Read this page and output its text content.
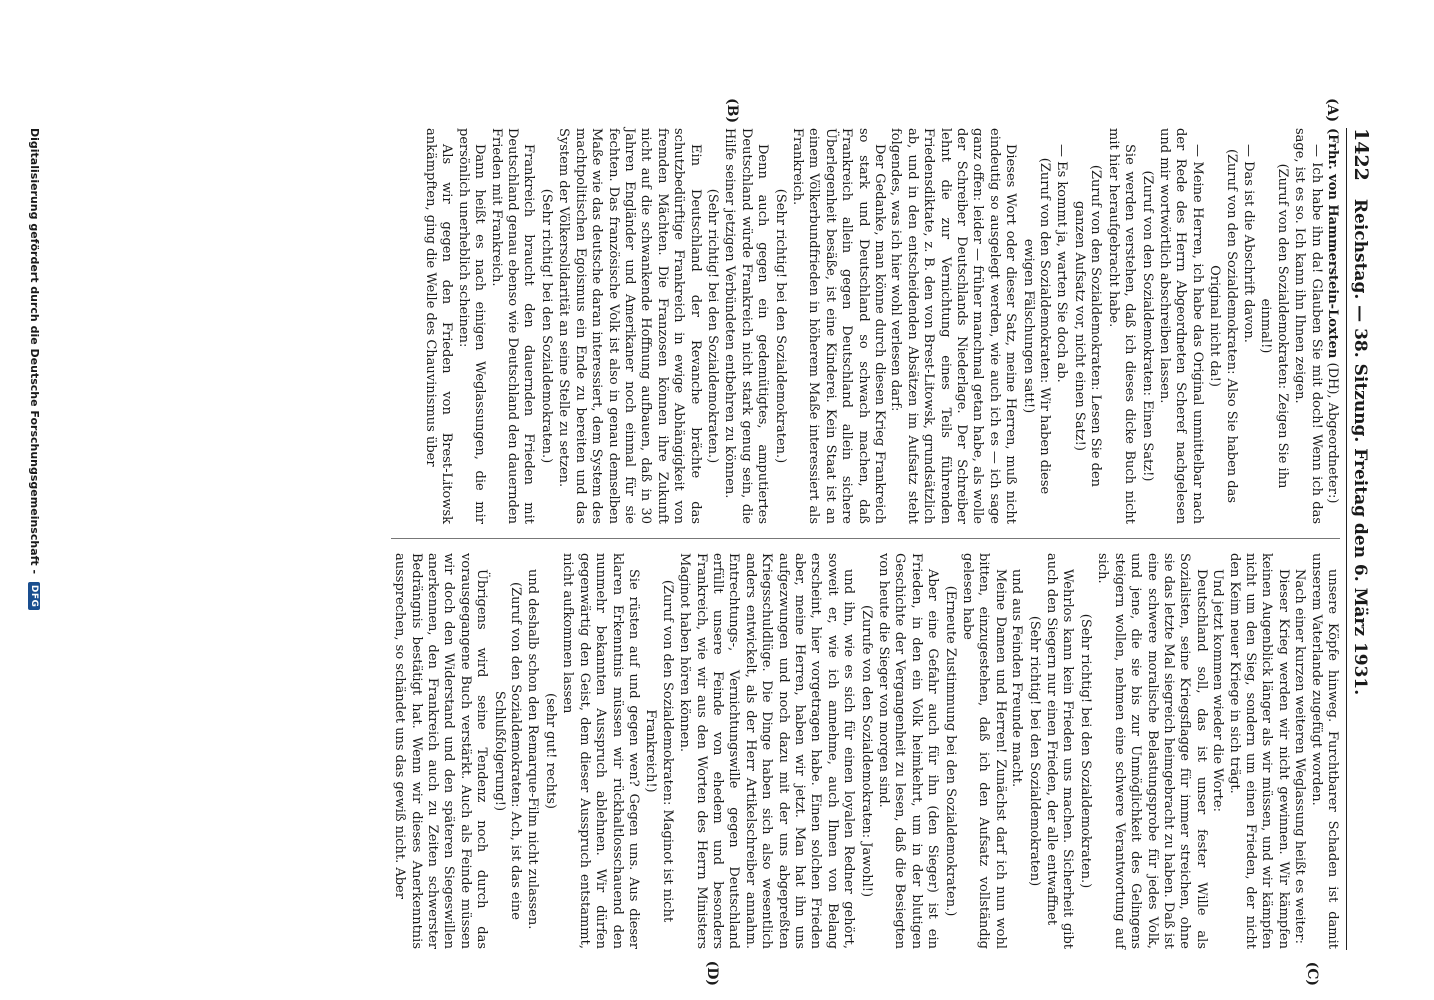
1422
Reichstag. — 38. Sitzung. Freitag den 6. März 1931.
(A)
(B)
(C)
(D)

(Frhr. von Hammerstein-Loxten (DH), Abgeordneter:)

— Ich habe ihn da! Glauben Sie mit doch! Wenn ich das sage, ist es so. Ich kann ihn Ihnen zeigen.

(Zuruf von den Sozialdemokraten: Zeigen Sie ihn einmal!)

— Das ist die Abschrift davon.

(Zuruf von den Sozialdemokraten: Also Sie haben das Original nicht da!)

— Meine Herren, ich habe das Original unmittelbar nach der Rede des Herrn Abgeordneten Scheref nachgelesen und mir wortwörtlich abschreiben lassen.

(Zuruf von den Sozialdemokraten: Einen Satz!)

Sie werden verstehen, daß ich dieses dicke Buch nicht mit hier heraufgebracht habe.

(Zuruf von den Sozialdemokraten: Lesen Sie den ganzen Aufsatz vor, nicht einen Satz!)

— Es kommt ja, warten Sie doch ab.

(Zuruf von den Sozialdemokraten: Wir haben diese ewigen Fälschungen satt!)

Dieses Wort oder dieser Satz, meine Herren, muß nicht eindeutig so ausgelegt werden, wie auch ich es — ich sage ganz offen: leider — früher manchmal getan habe, als wolle der Schreiber Deutschlands Niederlage. Der Schreiber lehnt die zur Vernichtung eines Teils führenden Friedensdiktate, z. B. den von Brest-Litowsk, grundsätzlich ab, und in den entscheidenden Absätzen im Aufsatz steht folgendes, was ich hier wohl verlesen darf:

Der Gedanke, man könne durch diesen Krieg Frankreich so stark und Deutschland so schwach machen, daß Frankreich allein gegen Deutschland allein sichere Überlegenheit besäße, ist eine Kinderei. Kein Staat ist an einem Völkerbundfrieden in höherem Maße interessiert als Frankreich.

(Sehr richtig! bei den Sozialdemokraten.)

Denn auch gegen ein gedemütigtes, amputiertes Deutschland würde Frankreich nicht stark genug sein, die Hilfe seiner jetzigen Verbündeten entbehren zu können.

(Sehr richtig! bei den Sozialdemokraten.)

Ein Deutschland der Revanche brächte das schutzbedürftige Frankreich in ewige Abhängigkeit von fremden Mächten. Die Franzosen können ihre Zukunft nicht auf die schwankende Hoffnung aufbauen, daß in 30 Jahren Engländer und Amerikaner noch einmal für sie fechten. Das französische Volk ist also in genau demselben Maße wie das deutsche daran interessiert, dem System des machtpolitischen Egoismus ein Ende zu bereiten und das System der Völkersolidarität an seine Stelle zu setzen.

(Sehr richtig! bei den Sozialdemokraten.)

Frankreich braucht den dauernden Frieden mit Deutschland genau ebenso wie Deutschland den dauernden Frieden mit Frankreich.

Dann heißt es nach einigen Weglassungen, die mir persönlich unerheblich scheinen:

Als wir gegen den Frieden von Brest-Litowsk ankämpften, ging die Welle des Chauvinismus über

unsere Köpfe hinweg. Furchtbarer Schaden ist damit unserem Vaterlande zugefügt worden.

Nach einer kurzen weiteren Weglassung heißt es weiter:

Dieser Krieg werden wir nicht gewinnen. Wir kämpfen keinen Augenblick länger als wir müssen, und wir kämpfen nicht um den Sieg, sondern um einen Frieden, der nicht den Keim neuer Kriege in sich trägt.

Und jetzt kommen wieder die Worte:

Deutschland soll, das ist unser fester Wille als Sozialisten, seine Kriegsflagge für immer streichen, ohne sie das letzte Mal siegreich heimgebracht zu haben. Daß ist eine schwere moralische Belastungsprobe für jedes Volk, und jene, die sie bis zur Unmöglichkeit des Gelingens steigern wollen, nehmen eine schwere Verantwortung auf sich.

(Sehr richtig! bei den Sozialdemokraten.)

Wehrlos kann kein Frieden uns machen. Sicherheit gibt auch den Siegern nur einen Frieden, der alle entwaffnet

(Sehr richtig! bei den Sozialdemokraten)

und aus Feinden Freunde macht.

Meine Damen und Herren! Zunächst darf ich nun wohl bitten, einzugestehen, daß ich den Aufsatz vollständig gelesen habe

(Erneute Zustimmung bei den Sozialdemokraten.)

Aber eine Gefahr auch für ihn (den Sieger) ist ein Frieden, in den ein Volk heimkehrt, um in der blutigen Geschichte der Vergangenheit zu lesen, daß die Besiegten von heute die Sieger von morgen sind.

(Zurufe von den Sozialdemokraten: Jawohl!)

und ihn, wie es sich für einen loyalen Redner gehört, soweit er, wie ich annehme, auch Ihnen von Belang erscheint, hier vorgetragen habe. Einen solchen Frieden aber, meine Herren, haben wir jetzt. Man hat ihn uns aufgezwungen und noch dazu mit der uns abgepreßten Kriegsschuldlüge. Die Dinge haben sich also wesentlich anders entwickelt, als der Herr Artikelschreiber annahm. Entrechtungs-, Vernichtungswille gegen Deutschland erfüllt unsere Feinde von ehedem und besonders Frankreich, wie wir aus den Worten des Herrn Ministers Maginot haben hören können.

(Zuruf von den Sozialdemokraten: Maginot ist nicht Frankreich!)

Sie rüsten auf und gegen wen? Gegen uns. Aus dieser klaren Erkenntnis müssen wir rückhaltlosschauend den nunmehr bekannten Ausspruch ablehnen. Wir dürfen gegenwärtig den Geist, dem dieser Ausspruch entstammt, nicht aufkommen lassen

(sehr gut! rechts)

und deshalb schon den Remarque-Film nicht zulassen.

(Zuruf von den Sozialdemokraten: Ach, ist das eine Schlußfolgerung!)

Übrigens wird seine Tendenz noch durch das vorausgegangene Buch verstärkt. Auch als Feinde müssen wir doch den Widerstand und den späteren Siegeswillen anerkennen, den Frankreich auch zu Zeiten schwerster Bedrängnis bestätigt hat. Wenn wir dieses Anerkenntnis aussprechen, so schändet uns das gewiß nicht. Aber

Digitalisierung gefördert durch die Deutsche Forschungsgemeinschaft - DFG
